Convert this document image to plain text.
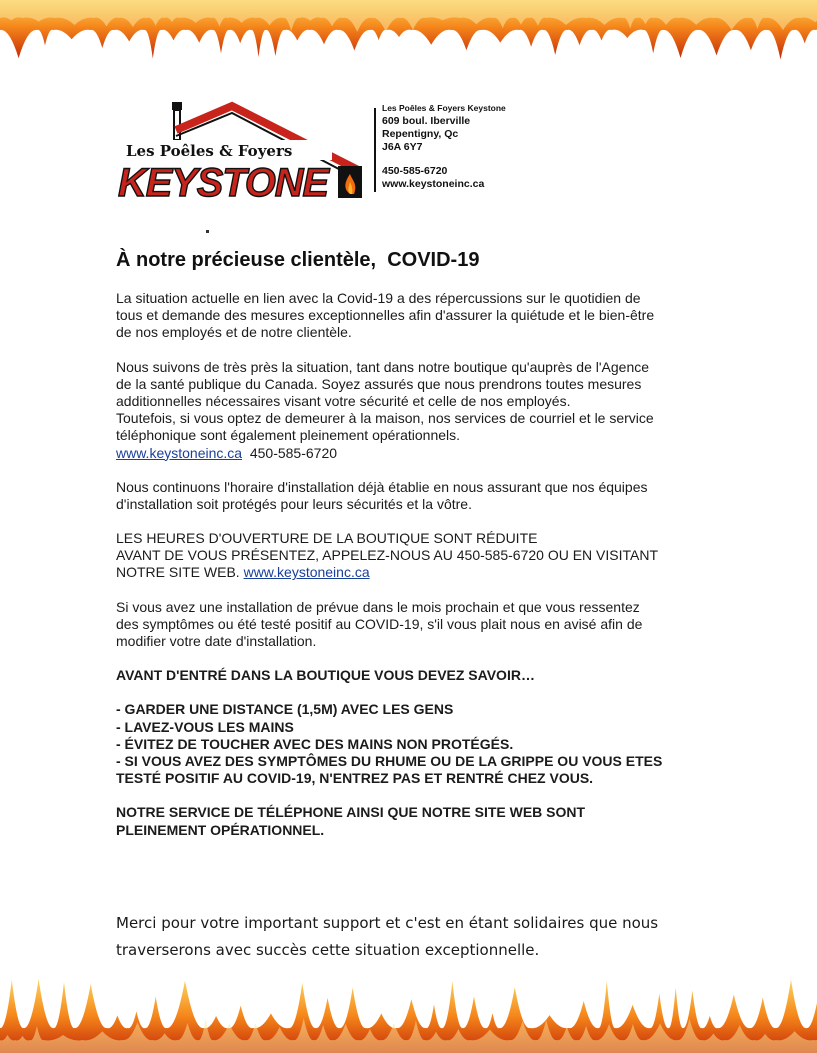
Les Poêles & Foyers
KEYSTONE
Les Poêles & Foyers Keystone
609 boul. Iberville
Repentigny, Qc
J6A 6Y7
450-585-6720
www.keystoneinc.ca
À notre précieuse clientèle,  COVID-19
La situation actuelle en lien avec la Covid-19 a des répercussions sur le quotidien de
tous et demande des mesures exceptionnelles afin d'assurer la quiétude et le bien-être
de nos employés et de notre clientèle.
Nous suivons de très près la situation, tant dans notre boutique qu'auprès de l'Agence
de la santé publique du Canada. Soyez assurés que nous prendrons toutes mesures
additionnelles nécessaires visant votre sécurité et celle de nos employés.
Toutefois, si vous optez de demeurer à la maison, nos services de courriel et le service
téléphonique sont également pleinement opérationnels.
www.keystoneinc.ca 450-585-6720
Nous continuons l'horaire d'installation déjà établie en nous assurant que nos équipes
d'installation soit protégés pour leurs sécurités et la vôtre.
LES HEURES D'OUVERTURE DE LA BOUTIQUE SONT RÉDUITE
AVANT DE VOUS PRÉSENTEZ, APPELEZ-NOUS AU 450-585-6720 OU EN VISITANT
NOTRE SITE WEB. www.keystoneinc.ca
Si vous avez une installation de prévue dans le mois prochain et que vous ressentez
des symptômes ou été testé positif au COVID-19, s'il vous plait nous en avisé afin de
modifier votre date d'installation.
AVANT D'ENTRÉ DANS LA BOUTIQUE VOUS DEVEZ SAVOIR…
- GARDER UNE DISTANCE (1,5M) AVEC LES GENS
- LAVEZ-VOUS LES MAINS
- ÉVITEZ DE TOUCHER AVEC DES MAINS NON PROTÉGÉS.
- SI VOUS AVEZ DES SYMPTÔMES DU RHUME OU DE LA GRIPPE OU VOUS ETES
TESTÉ POSITIF AU COVID-19, N'ENTREZ PAS ET RENTRÉ CHEZ VOUS.
NOTRE SERVICE DE TÉLÉPHONE AINSI QUE NOTRE SITE WEB SONT
PLEINEMENT OPÉRATIONNEL.
Merci pour votre important support et c'est en étant solidaires que nous
traverserons avec succès cette situation exceptionnelle.
